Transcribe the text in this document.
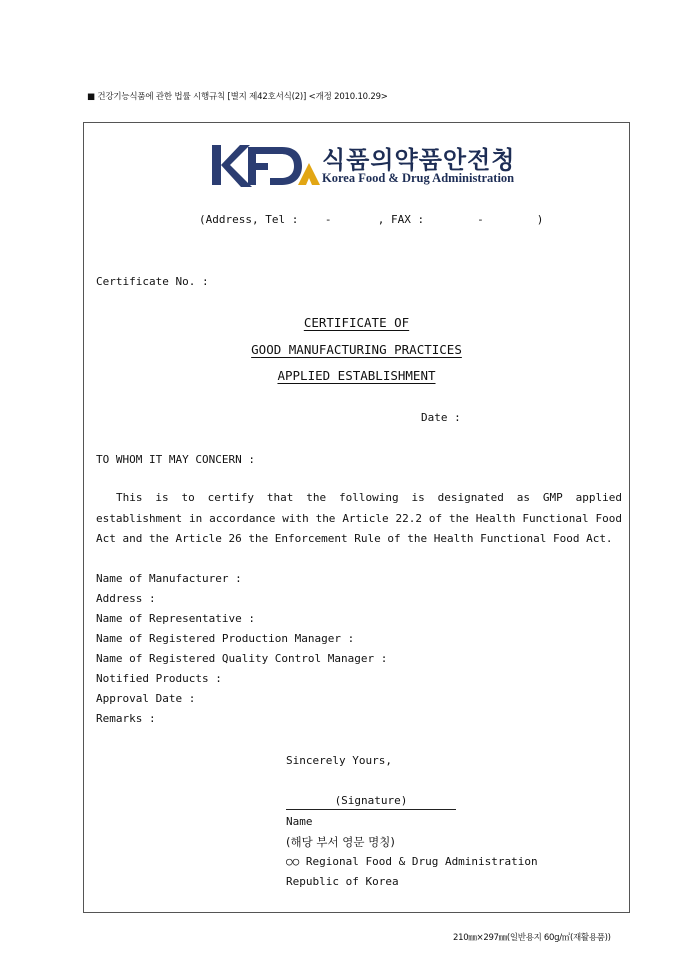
■ 건강기능식품에 관한 법률 시행규칙 [별지 제42호서식(2)] <개정 2010.10.29>
식품의약품안전청
Korea Food & Drug Administration
(Address, Tel :    -       , FAX :        -        )
Certificate No. :
CERTIFICATE OF
GOOD MANUFACTURING PRACTICES
APPLIED ESTABLISHMENT
Date :
TO WHOM IT MAY CONCERN :
This is to certify that the following is designated as GMP applied establishment in accordance with the Article 22.2 of the Health Functional Food Act and the Article 26 the Enforcement Rule of the Health Functional Food Act.
Name of Manufacturer :
Address :
Name of Representative :
Name of Registered Production Manager :
Name of Registered Quality Control Manager :
Notified Products :
Approval Date :
Remarks :
Sincerely Yours,
(Signature)
Name
(해당 부서 영문 명칭)
○○ Regional Food & Drug Administration
Republic of Korea
210㎜×297㎜(일반용지 60g/㎡(재활용품))
